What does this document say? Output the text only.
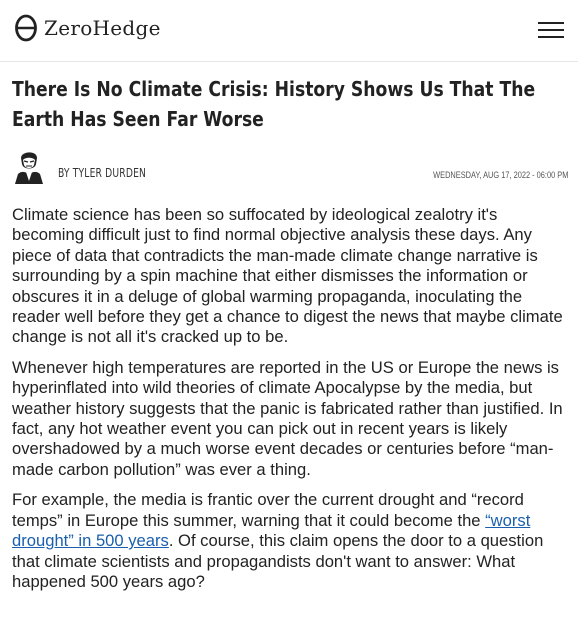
ZeroHedge
There Is No Climate Crisis: History Shows Us That The Earth Has Seen Far Worse
BY TYLER DURDEN	WEDNESDAY, AUG 17, 2022 - 06:00 PM

Climate science has been so suffocated by ideological zealotry it's becoming difficult just to find normal objective analysis these days. Any piece of data that contradicts the man-made climate change narrative is surrounding by a spin machine that either dismisses the information or obscures it in a deluge of global warming propaganda, inoculating the reader well before they get a chance to digest the news that maybe climate change is not all it's cracked up to be.

Whenever high temperatures are reported in the US or Europe the news is hyperinflated into wild theories of climate Apocalypse by the media, but weather history suggests that the panic is fabricated rather than justified. In fact, any hot weather event you can pick out in recent years is likely overshadowed by a much worse event decades or centuries before “man-made carbon pollution” was ever a thing.

For example, the media is frantic over the current drought and “record temps” in Europe this summer, warning that it could become the “worst drought” in 500 years. Of course, this claim opens the door to a question that climate scientists and propagandists don't want to answer: What happened 500 years ago?
